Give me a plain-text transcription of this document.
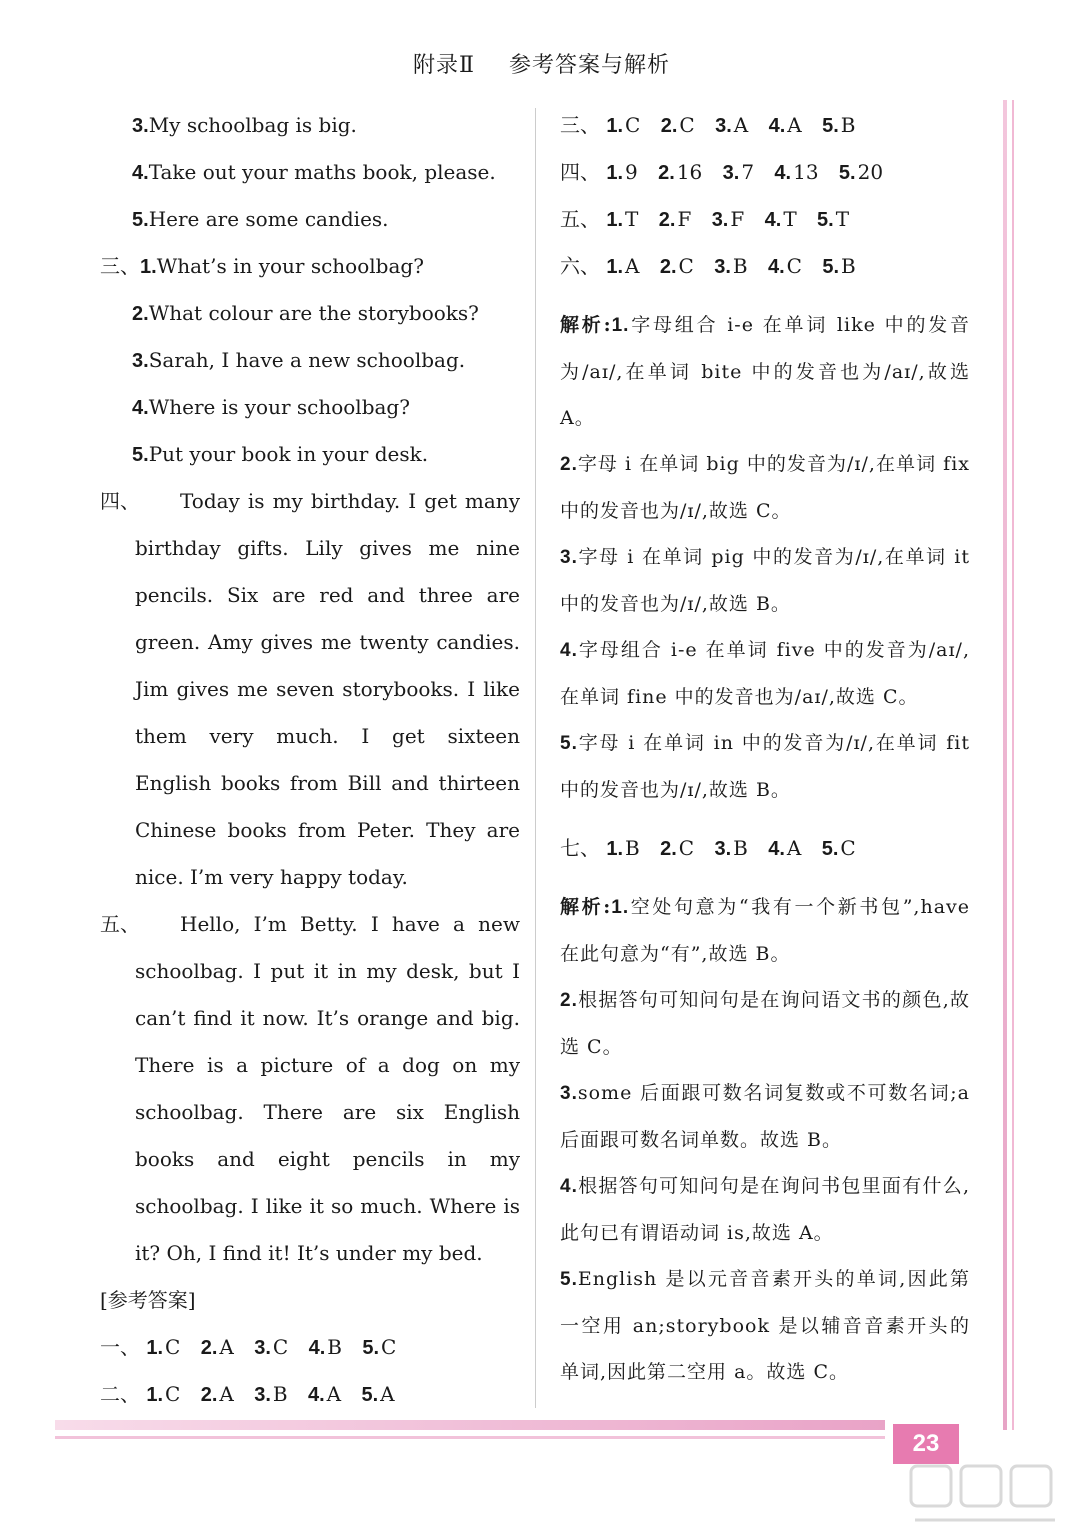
附录Ⅱ 参考答案与解析
3.My schoolbag is big.
4.Take out your maths book, please.
5.Here are some candies.
三、1.What’s in your schoolbag?
2.What colour are the storybooks?
3.Sarah, I have a new schoolbag.
4.Where is your schoolbag?
5.Put your book in your desk.
四、	Today is my birthday. I get many birthday gifts. Lily gives me nine pencils. Six are red and three are green. Amy gives me twenty candies. Jim gives me seven storybooks. I like them very much. I get sixteen English books from Bill and thirteen Chinese books from Peter. They are nice. I’m very happy today.
五、	Hello, I’m Betty. I have a new schoolbag. I put it in my desk, but I can’t find it now. It’s orange and big. There is a picture of a dog on my schoolbag. There are six English books and eight pencils in my schoolbag. I like it so much. Where is it? Oh, I find it! It’s under my bed.
[参考答案]
一、 1. C 2. A 3. C 4. B 5. C
二、 1. C 2. A 3. B 4. A 5. A
三、 1. C 2. C 3. A 4. A 5. B
四、 1. 9 2. 16 3. 7 4. 13 5. 20
五、 1. T 2. F 3. F 4. T 5. T
六、 1. A 2. C 3. B 4. C 5. B
解析:1.字母组合 i-e 在单词 like 中的发音为/aɪ/,在单词 bite 中的发音也为/aɪ/,故选 A。
2.字母 i 在单词 big 中的发音为/ɪ/,在单词 fix 中的发音也为/ɪ/,故选 C。
3.字母 i 在单词 pig 中的发音为/ɪ/,在单词 it 中的发音也为/ɪ/,故选 B。
4.字母组合 i-e 在单词 five 中的发音为/aɪ/,在单词 fine 中的发音也为/aɪ/,故选 C。
5.字母 i 在单词 in 中的发音为/ɪ/,在单词 fit 中的发音也为/ɪ/,故选 B。
七、 1. B 2. C 3. B 4. A 5. C
解析:1.空处句意为“我有一个新书包”,have 在此句意为“有”,故选 B。
2.根据答句可知问句是在询问语文书的颜色,故选 C。
3.some 后面跟可数名词复数或不可数名词;a 后面跟可数名词单数。故选 B。
4.根据答句可知问句是在询问书包里面有什么,此句已有谓语动词 is,故选 A。
5.English 是以元音音素开头的单词,因此第一空用 an;storybook 是以辅音音素开头的单词,因此第二空用 a。故选 C。
23
